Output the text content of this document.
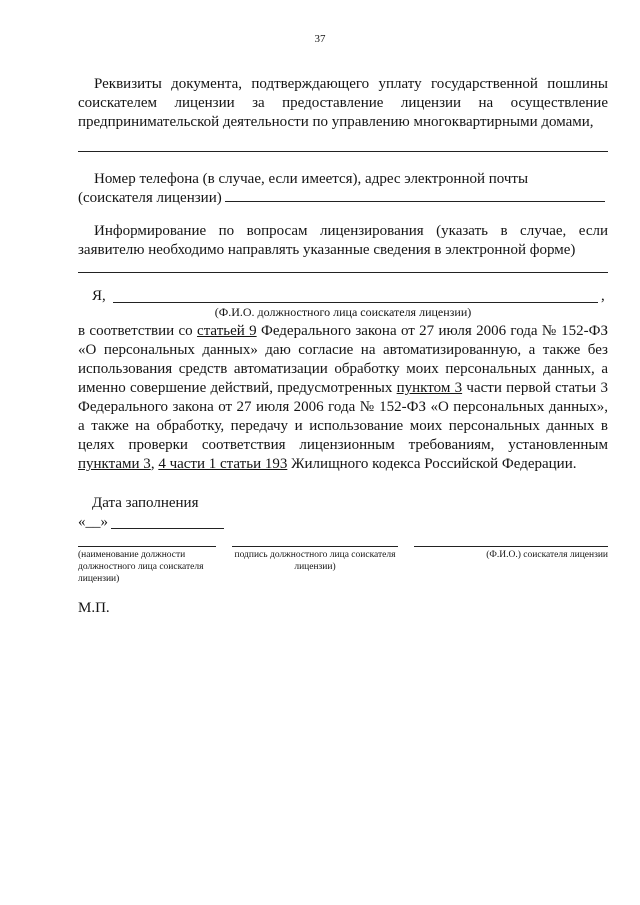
37
Реквизиты документа, подтверждающего уплату государственной пошлины соискателем лицензии за предоставление лицензии на осуществление предпринимательской деятельности по управлению многоквартирными домами,
Номер телефона (в случае, если имеется), адрес электронной почты
(соискателя лицензии)
Информирование по вопросам лицензирования (указать в случае, если заявителю необходимо направлять указанные сведения в электронной форме)
Я,	,
(Ф.И.О. должностного лица соискателя лицензии)
в соответствии со статьей 9 Федерального закона от 27 июля 2006 года № 152-ФЗ «О персональных данных» даю согласие на автоматизированную, а также без использования средств автоматизации обработку моих персональных данных, а именно совершение действий, предусмотренных пунктом 3 части первой статьи 3 Федерального закона от 27 июля 2006 года № 152-ФЗ «О персональных данных», а также на обработку, передачу и использование моих персональных данных в целях проверки соответствия лицензионным требованиям, установленным пунктами 3, 4 части 1 статьи 193 Жилищного кодекса Российской Федерации.
Дата заполнения
«__»
(наименование должности должностного лица соискателя лицензии)
подпись должностного лица соискателя лицензии)
(Ф.И.О.) соискателя лицензии
М.П.
